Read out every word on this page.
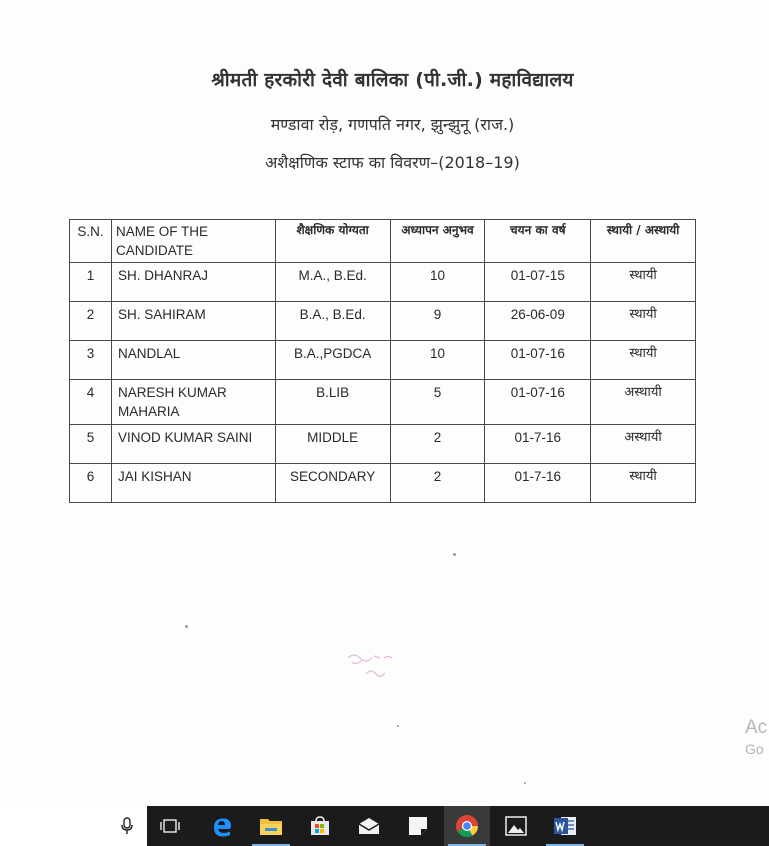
श्रीमती हरकोरी देवी बालिका (पी.जी.) महाविद्यालय
मण्डावा रोड़, गणपति नगर, झुन्झुनू (राज.)
अशैक्षणिक स्टाफ का विवरण–(2018–19)
S.N.	NAME OF THE CANDIDATE	शैक्षणिक योग्यता	अध्यापन अनुभव	चयन का वर्ष	स्थायी / अस्थायी
1	SH. DHANRAJ	M.A., B.Ed.	10	01-07-15	स्थायी
2	SH. SAHIRAM	B.A., B.Ed.	9	26-06-09	स्थायी
3	NANDLAL	B.A.,PGDCA	10	01-07-16	स्थायी
4	NARESH KUMAR MAHARIA	B.LIB	5	01-07-16	अस्थायी
5	VINOD KUMAR SAINI	MIDDLE	2	01-7-16	अस्थायी
6	JAI KISHAN	SECONDARY	2	01-7-16	स्थायी
Ac
Go
